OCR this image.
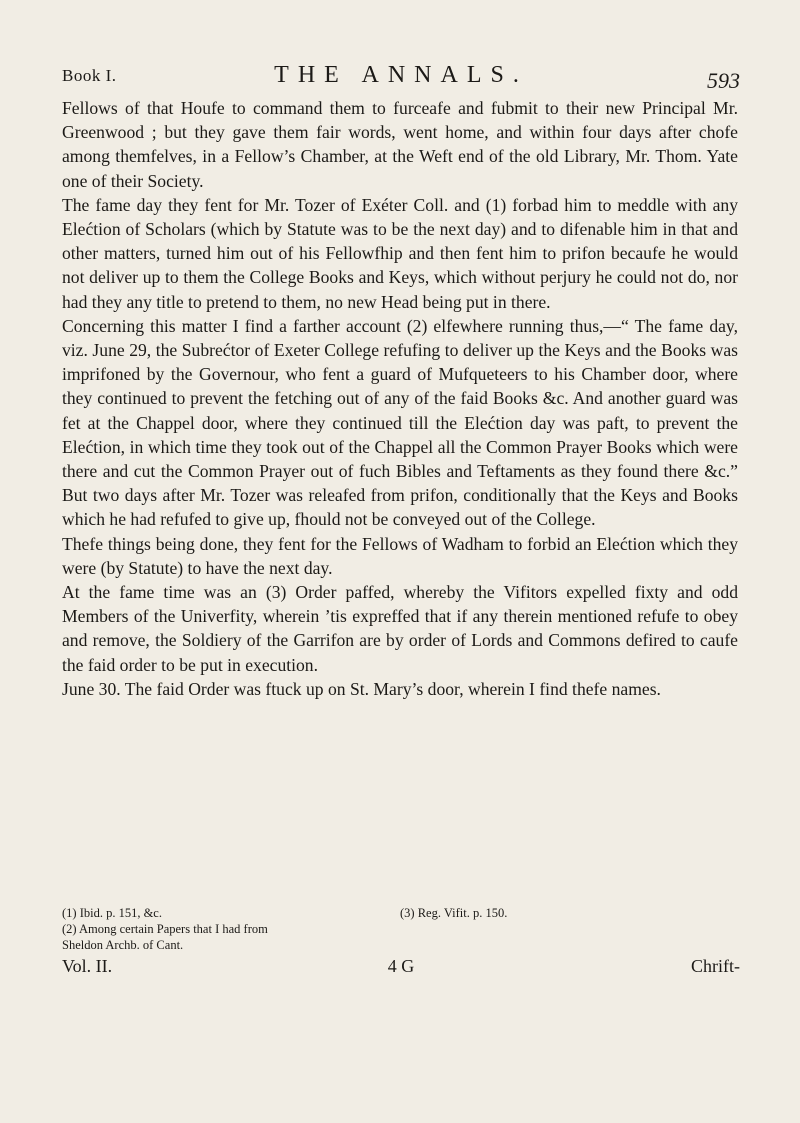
Book I.	THE ANNALS.	593

Fellows of that Houfe to command them to furceafe and fubmit to their new Principal Mr. Greenwood ; but they gave them fair words, went home, and within four days after chofe among themfelves, in a Fellow’s Chamber, at the Weft end of the old Library, Mr. Thom. Yate one of their Society.

The fame day they fent for Mr. Tozer of Exéter Coll. and (1) forbad him to meddle with any Elećtion of Scholars (which by Statute was to be the next day) and to difenable him in that and other matters, turned him out of his Fellowfhip and then fent him to prifon becaufe he would not deliver up to them the College Books and Keys, which without perjury he could not do, nor had they any title to pretend to them, no new Head being put in there.

Concerning this matter I find a farther account (2) elfewhere running thus,—“ The fame day, viz. June 29, the Subrećtor of Exeter College refufing to deliver up the Keys and the Books was imprifoned by the Governour, who fent a guard of Mufqueteers to his Chamber door, where they continued to prevent the fetching out of any of the faid Books &c. And another guard was fet at the Chappel door, where they continued till the Elećtion day was paft, to prevent the Elećtion, in which time they took out of the Chappel all the Common Prayer Books which were there and cut the Common Prayer out of fuch Bibles and Teftaments as they found there &c.” But two days after Mr. Tozer was releafed from prifon, conditionally that the Keys and Books which he had refufed to give up, fhould not be conveyed out of the College.

Thefe things being done, they fent for the Fellows of Wadham to forbid an Elećtion which they were (by Statute) to have the next day.

At the fame time was an (3) Order paffed, whereby the Vifitors expelled fixty and odd Members of the Univerfity, wherein ’tis expreffed that if any therein mentioned refufe to obey and remove, the Soldiery of the Garrifon are by order of Lords and Commons defired to caufe the faid order to be put in execution.

June 30. The faid Order was ftuck up on St. Mary’s door, wherein I find thefe names.

(1) Ibid. p. 151, &c.	(3) Reg. Vifit. p. 150.
(2) Among certain Papers that I had from
Sheldon Archb. of Cant.
Vol. II.	4 G	Chrift-
